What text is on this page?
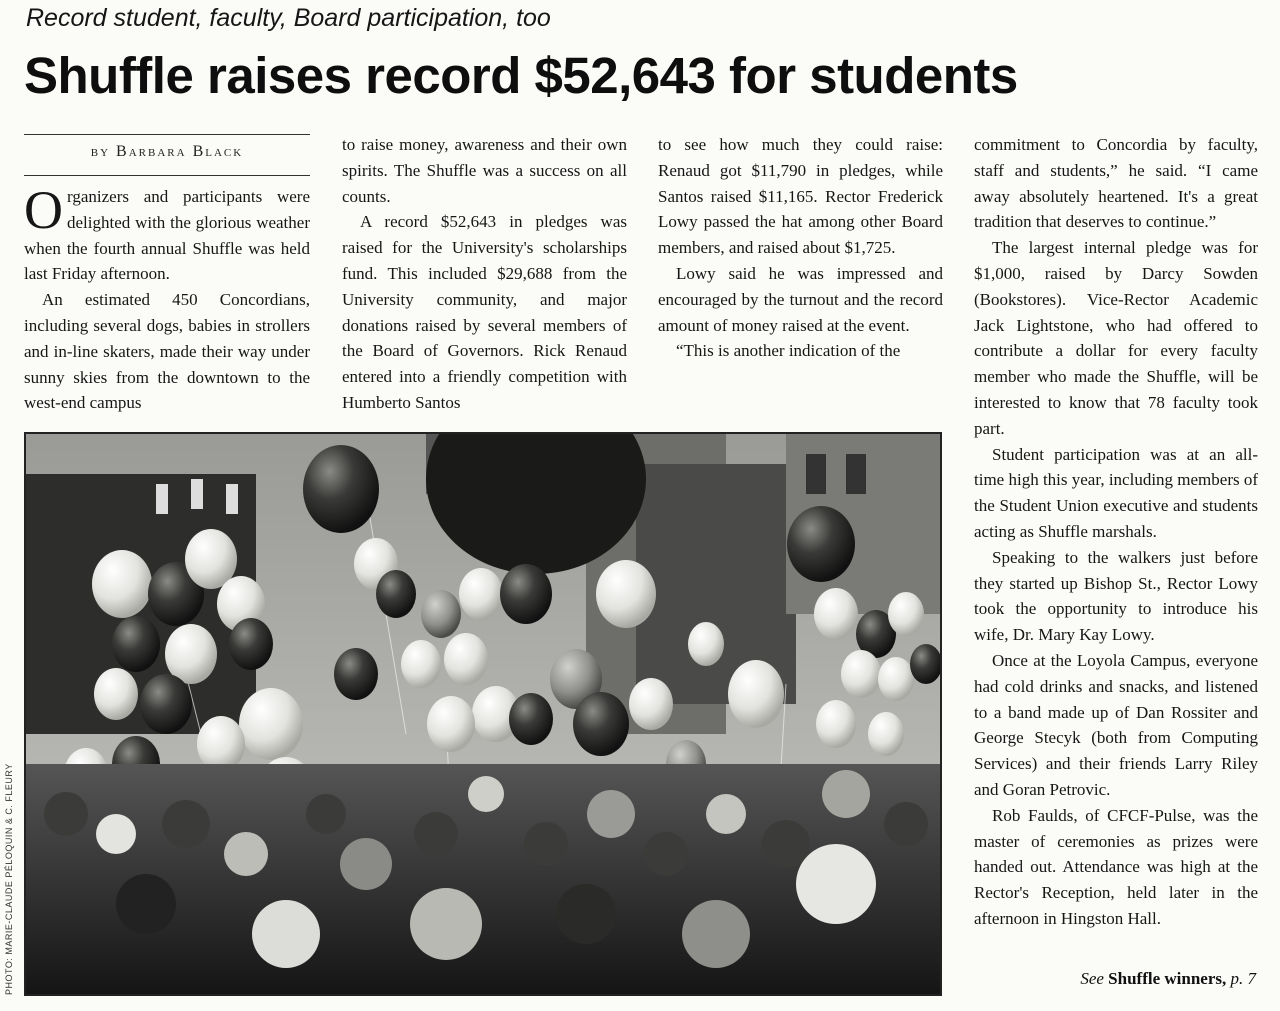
Record student, faculty, Board participation, too
Shuffle raises record $52,643 for students
by Barbara Black

Organizers and participants were delighted with the glorious weather when the fourth annual Shuffle was held last Friday afternoon.

An estimated 450 Concordians, including several dogs, babies in strollers and in-line skaters, made their way under sunny skies from the downtown to the west-end campus

to raise money, awareness and their own spirits. The Shuffle was a success on all counts.

A record $52,643 in pledges was raised for the University's scholarships fund. This included $29,688 from the University community, and major donations raised by several members of the Board of Governors. Rick Renaud entered into a friendly competition with Humberto Santos

to see how much they could raise: Renaud got $11,790 in pledges, while Santos raised $11,165. Rector Frederick Lowy passed the hat among other Board members, and raised about $1,725.

Lowy said he was impressed and encouraged by the turnout and the record amount of money raised at the event.

“This is another indication of the

commitment to Concordia by faculty, staff and students,” he said. “I came away absolutely heartened. It's a great tradition that deserves to continue.”

The largest internal pledge was for $1,000, raised by Darcy Sowden (Bookstores). Vice-Rector Academic Jack Lightstone, who had offered to contribute a dollar for every faculty member who made the Shuffle, will be interested to know that 78 faculty took part.

Student participation was at an all-time high this year, including members of the Student Union executive and students acting as Shuffle marshals.

Speaking to the walkers just before they started up Bishop St., Rector Lowy took the opportunity to introduce his wife, Dr. Mary Kay Lowy.

Once at the Loyola Campus, everyone had cold drinks and snacks, and listened to a band made up of Dan Rossiter and George Stecyk (both from Computing Services) and their friends Larry Riley and Goran Petrovic.

Rob Faulds, of CFCF-Pulse, was the master of ceremonies as prizes were handed out. Attendance was high at the Rector's Reception, held later in the afternoon in Hingston Hall.

PHOTO: MARIE-CLAUDE PÉLOQUIN & C. FLEURY	See Shuffle winners, p. 7
